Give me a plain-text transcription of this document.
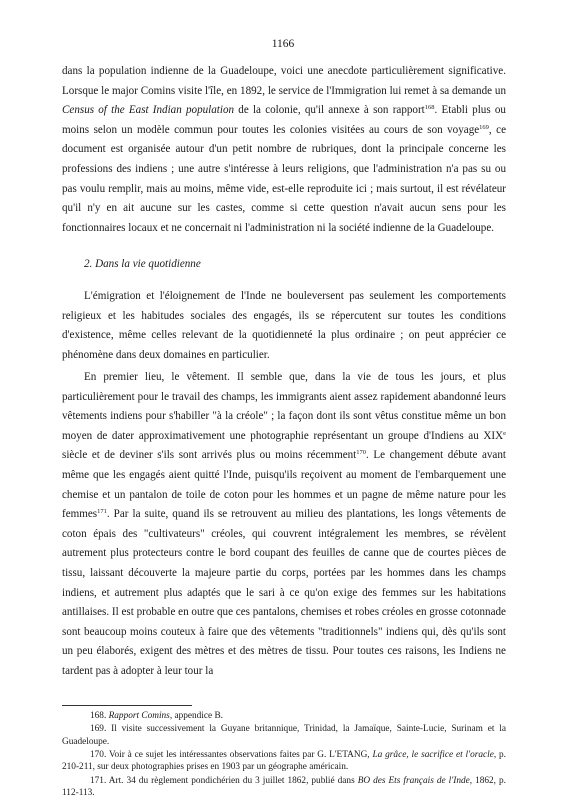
1166

dans la population indienne de la Guadeloupe, voici une anecdote particulièrement significative. Lorsque le major Comins visite l'île, en 1892, le service de l'Immigration lui remet à sa demande un Census of the East Indian population de la colonie, qu'il annexe à son rapport$^{168}$. Etabli plus ou moins selon un modèle commun pour toutes les colonies visitées au cours de son voyage$^{169}$, ce document est organisée autour d'un petit nombre de rubriques, dont la principale concerne les professions des indiens ; une autre s'intéresse à leurs religions, que l'administration n'a pas su ou pas voulu remplir, mais au moins, même vide, est-elle reproduite ici ; mais surtout, il est révélateur qu'il n'y en ait aucune sur les castes, comme si cette question n'avait aucun sens pour les fonctionnaires locaux et ne concernait ni l'administration ni la société indienne de la Guadeloupe.

2. Dans la vie quotidienne

L'émigration et l'éloignement de l'Inde ne bouleversent pas seulement les comportements religieux et les habitudes sociales des engagés, ils se répercutent sur toutes les conditions d'existence, même celles relevant de la quotidienneté la plus ordinaire ; on peut apprécier ce phénomène dans deux domaines en particulier.

En premier lieu, le vêtement. Il semble que, dans la vie de tous les jours, et plus particulièrement pour le travail des champs, les immigrants aient assez rapidement abandonné leurs vêtements indiens pour s'habiller "à la créole" ; la façon dont ils sont vêtus constitue même un bon moyen de dater approximativement une photographie représentant un groupe d'Indiens au XIXe siècle et de deviner s'ils sont arrivés plus ou moins récemment$^{170}$. Le changement débute avant même que les engagés aient quitté l'Inde, puisqu'ils reçoivent au moment de l'embarquement une chemise et un pantalon de toile de coton pour les hommes et un pagne de même nature pour les femmes$^{171}$. Par la suite, quand ils se retrouvent au milieu des plantations, les longs vêtements de coton épais des "cultivateurs" créoles, qui couvrent intégralement les membres, se révèlent autrement plus protecteurs contre le bord coupant des feuilles de canne que de courtes pièces de tissu, laissant découverte la majeure partie du corps, portées par les hommes dans les champs indiens, et autrement plus adaptés que le sari à ce qu'on exige des femmes sur les habitations antillaises. Il est probable en outre que ces pantalons, chemises et robes créoles en grosse cotonnade sont beaucoup moins couteux à faire que des vêtements "traditionnels" indiens qui, dès qu'ils sont un peu élaborés, exigent des mètres et des mètres de tissu. Pour toutes ces raisons, les Indiens ne tardent pas à adopter à leur tour la

168. Rapport Comins, appendice B.

169. Il visite successivement la Guyane britannique, Trinidad, la Jamaïque, Sainte-Lucie, Surinam et la Guadeloupe.

170. Voir à ce sujet les intéressantes observations faites par G. L'ETANG, La grâce, le sacrifice et l'oracle, p. 210-211, sur deux photographies prises en 1903 par un géographe américain.

171. Art. 34 du règlement pondichérien du 3 juillet 1862, publié dans BO des Ets français de l'Inde, 1862, p. 112-113.
